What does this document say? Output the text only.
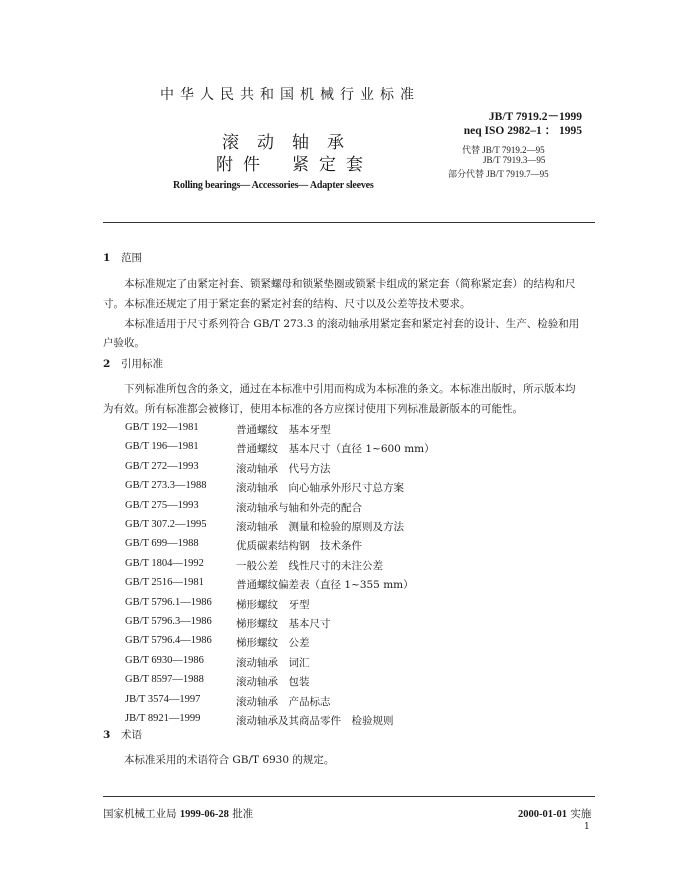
中华人民共和国机械行业标准
JB/T 7919.2－1999
neq ISO 2982–1 ： 1995
代替 JB/T 7919.2—95
JB/T 7919.3—95
部分代替 JB/T 7919.7—95
滚动轴承
附件 紧定套
Rolling bearings— Accessories— Adapter sleeves
1 范围
本标准规定了由紧定衬套、锁紧螺母和锁紧垫圈或锁紧卡组成的紧定套（简称紧定套）的结构和尺
寸。本标准还规定了用于紧定套的紧定衬套的结构、尺寸以及公差等技术要求。
本标准适用于尺寸系列符合 GB/T 273.3 的滚动轴承用紧定套和紧定衬套的设计、生产、检验和用
户验收。
2 引用标准
下列标准所包含的条文，通过在本标准中引用而构成为本标准的条文。本标准出版时，所示版本均
为有效。所有标准都会被修订，使用本标准的各方应探讨使用下列标准最新版本的可能性。
GB/T 192—1981	普通螺纹　基本牙型
GB/T 196—1981	普通螺纹　基本尺寸（直径 1~600 mm）
GB/T 272—1993	滚动轴承　代号方法
GB/T 273.3—1988	滚动轴承　向心轴承外形尺寸总方案
GB/T 275—1993	滚动轴承与轴和外壳的配合
GB/T 307.2—1995	滚动轴承　测量和检验的原则及方法
GB/T 699—1988	优质碳素结构钢　技术条件
GB/T 1804—1992	一般公差　线性尺寸的未注公差
GB/T 2516—1981	普通螺纹偏差表（直径 1~355 mm）
GB/T 5796.1—1986 梯形螺纹　牙型
GB/T 5796.3—1986 梯形螺纹　基本尺寸
GB/T 5796.4—1986 梯形螺纹　公差
GB/T 6930—1986	滚动轴承　词汇
GB/T 8597—1988	滚动轴承　包装
JB/T 3574—1997	滚动轴承　产品标志
JB/T 8921—1999	滚动轴承及其商品零件　检验规则
3 术语
本标准采用的术语符合 GB/T 6930 的规定。
国家机械工业局 1999-06-28 批准	2000-01-01 实施
1
